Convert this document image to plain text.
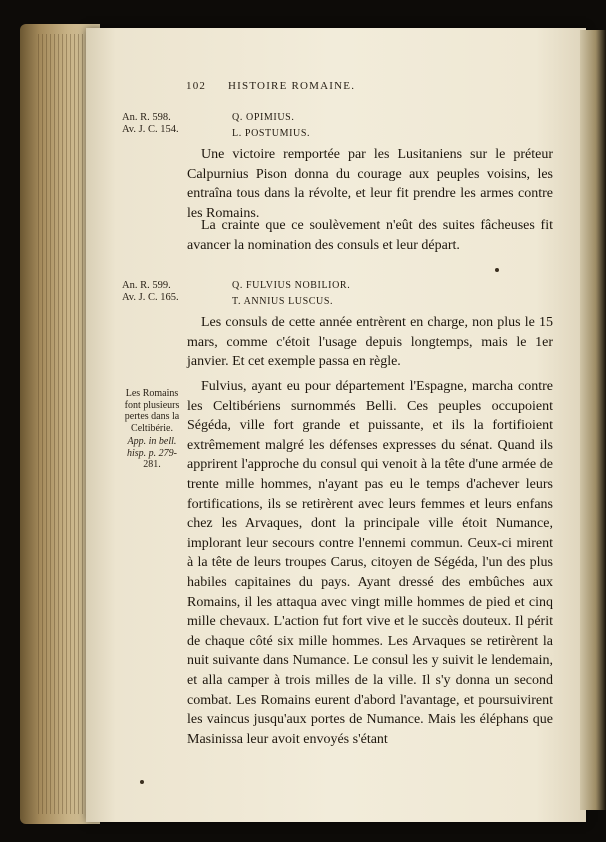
102 HISTOIRE ROMAINE.
An. R. 598.
Av. J. C. 154.
Q. OPIMIUS.
L. POSTUMIUS.

Une victoire remportée par les Lusitaniens sur le préteur Calpurnius Pison donna du courage aux peuples voisins, les entraîna tous dans la révolte, et leur fit prendre les armes contre les Romains.

La crainte que ce soulèvement n'eût des suites fâcheuses fit avancer la nomination des consuls et leur départ.

An. R. 599.
Av. J. C. 165.
Q. FULVIUS NOBILIOR.
T. ANNIUS LUSCUS.

Les consuls de cette année entrèrent en charge, non plus le 15 mars, comme c'étoit l'usage depuis longtemps, mais le 1er janvier. Et cet exemple passa en règle.

Les Romains
font plusieurs
pertes dans la
Celtibérie.
App. in bell.
hisp. p. 279-
281.

Fulvius, ayant eu pour département l'Espagne, marcha contre les Celtibériens surnommés Belli. Ces peuples occupoient Ségéda, ville fort grande et puissante, et ils la fortifioient extrêmement malgré les défenses expresses du sénat. Quand ils apprirent l'approche du consul qui venoit à la tête d'une armée de trente mille hommes, n'ayant pas eu le temps d'achever leurs fortifications, ils se retirèrent avec leurs femmes et leurs enfans chez les Arvaques, dont la principale ville étoit Numance, implorant leur secours contre l'ennemi commun. Ceux-ci mirent à la tête de leurs troupes Carus, citoyen de Ségéda, l'un des plus habiles capitaines du pays. Ayant dressé des embûches aux Romains, il les attaqua avec vingt mille hommes de pied et cinq mille chevaux. L'action fut fort vive et le succès douteux. Il périt de chaque côté six mille hommes. Les Arvaques se retirèrent la nuit suivante dans Numance. Le consul les y suivit le lendemain, et alla camper à trois milles de la ville. Il s'y donna un second combat. Les Romains eurent d'abord l'avantage, et poursuivirent les vaincus jusqu'aux portes de Numance. Mais les éléphans que Masinissa leur avoit envoyés s'étant
